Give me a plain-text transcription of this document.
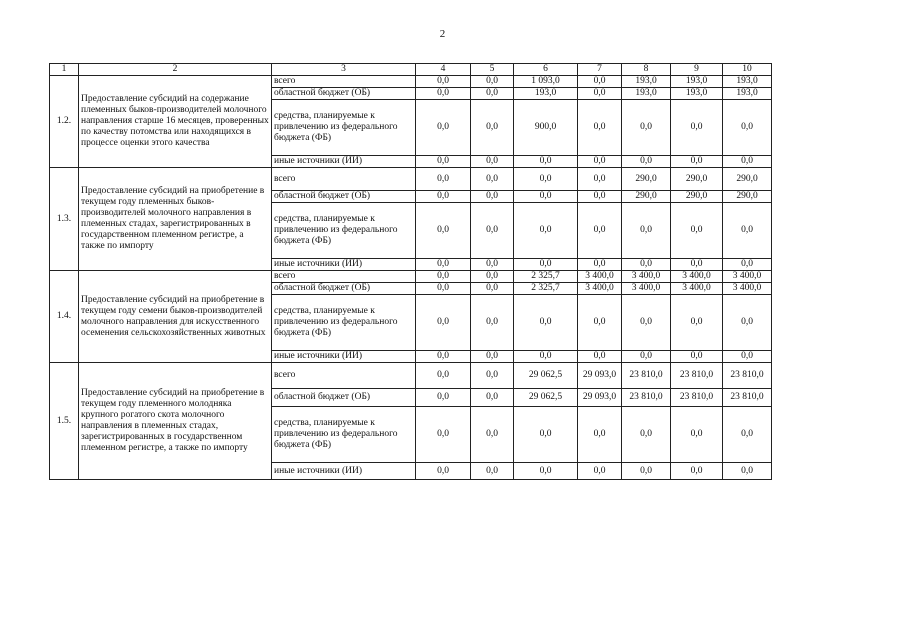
2
1	2	3	4	5	6	7	8	9	10
1.2.	Предоставление субсидий на содержание племенных быков-производителей молочного направления старше 16 месяцев, проверенных по качеству потомства или находящихся в процессе оценки этого качества	всего	0,0	0,0	1 093,0	0,0	193,0	193,0	193,0
		областной бюджет (ОБ)	0,0	0,0	193,0	0,0	193,0	193,0	193,0
		средства, планируемые к привлечению из федерального бюджета (ФБ)	0,0	0,0	900,0	0,0	0,0	0,0	0,0
		иные источники (ИИ)	0,0	0,0	0,0	0,0	0,0	0,0	0,0
1.3.	Предоставление субсидий на приобретение в текущем году племенных быков-производителей молочного направления в племенных стадах, зарегистрированных в государственном племенном регистре, а также по импорту	всего	0,0	0,0	0,0	0,0	290,0	290,0	290,0
		областной бюджет (ОБ)	0,0	0,0	0,0	0,0	290,0	290,0	290,0
		средства, планируемые к привлечению из федерального бюджета (ФБ)	0,0	0,0	0,0	0,0	0,0	0,0	0,0
		иные источники (ИИ)	0,0	0,0	0,0	0,0	0,0	0,0	0,0
1.4.	Предоставление субсидий на приобретение в текущем году семени быков-производителей молочного направления для искусственного осеменения сельскохозяйственных животных	всего	0,0	0,0	2 325,7	3 400,0	3 400,0	3 400,0	3 400,0
		областной бюджет (ОБ)	0,0	0,0	2 325,7	3 400,0	3 400,0	3 400,0	3 400,0
		средства, планируемые к привлечению из федерального бюджета (ФБ)	0,0	0,0	0,0	0,0	0,0	0,0	0,0
		иные источники (ИИ)	0,0	0,0	0,0	0,0	0,0	0,0	0,0
1.5.	Предоставление субсидий на приобретение в текущем году племенного молодняка крупного рогатого скота молочного направления в племенных стадах, зарегистрированных в государственном племенном регистре, а также по импорту	всего	0,0	0,0	29 062,5	29 093,0	23 810,0	23 810,0	23 810,0
		областной бюджет (ОБ)	0,0	0,0	29 062,5	29 093,0	23 810,0	23 810,0	23 810,0
		средства, планируемые к привлечению из федерального бюджета (ФБ)	0,0	0,0	0,0	0,0	0,0	0,0	0,0
		иные источники (ИИ)	0,0	0,0	0,0	0,0	0,0	0,0	0,0
